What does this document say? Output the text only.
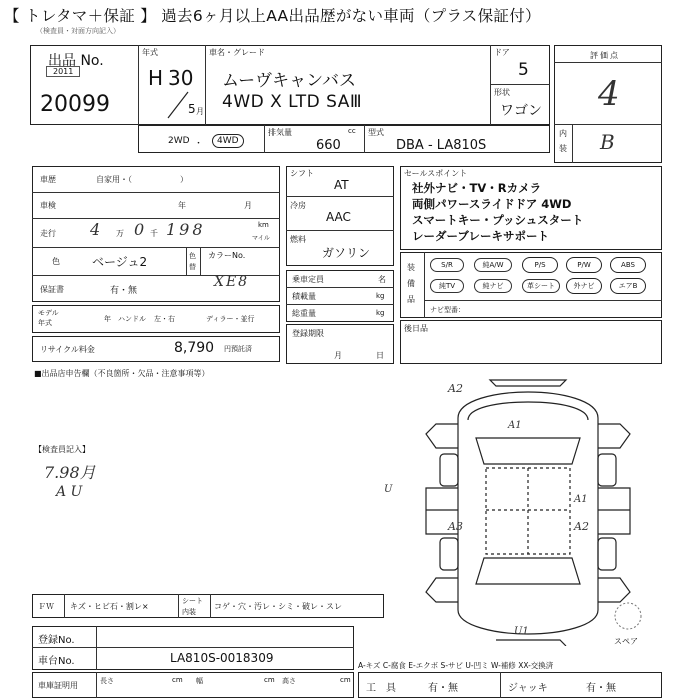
【 トレタマ＋保証 】 過去6ヶ月以上AA出品歴がない車両（プラス保証付）
（検査員・対面方向記入）
出品 No.
2011
20099
年式
H 30
5 月
車名・グレード
ムーヴキャンバス
4WD X LTD SAⅢ
ドア
5
形状
ワゴン
評価点
4
内
装 B
2WD ・	4WD
排気量	cc
660
型式
DBA - LA810S
車歴	自家用・（　　　　　　）
車検	年	月
走行 4 万 0 千 198	km
マイル
色	ベージュ2	色
替
カラーNo.
XE8
保証書	有・無
モデル
年式	年 ハンドル 左・右	ディラー・並行
リサイクル料金	8,790 円預託済
シフト
AT
冷房
AAC
燃料
ガソリン
乗車定員	名
積載量	kg
総重量	kg
登録期限
月	日
セールスポイント
社外ナビ・TV・Rカメラ
両側パワースライドドア 4WD
スマートキー・プッシュスタート
レーダーブレーキサポート
装
備
品
S/R	純A/W	P/S	P/W	ABS
純TV	純ナビ	革シート	外ナビ	エアB
ナビ型番：
後日品
■出品店申告欄（不良箇所・欠品・注意事項等）
【検査員記入】
7.98月
A U
A2
A1
U
A1
A3	A2
U1
スペア
ＦＷ キズ・ヒビ石・割レ×
シート
内装
コゲ・穴・汚レ・シミ・破レ・スレ
登録No.
車台No.	LA810S-0018309
A-キズ C-腐食 E-エクボ S-サビ U-凹ミ W-補修 XX-交換済
車庫証明用	長さ	cm 幅	cm 高さ	cm
工　具	有・無	ジャッキ	有・無
